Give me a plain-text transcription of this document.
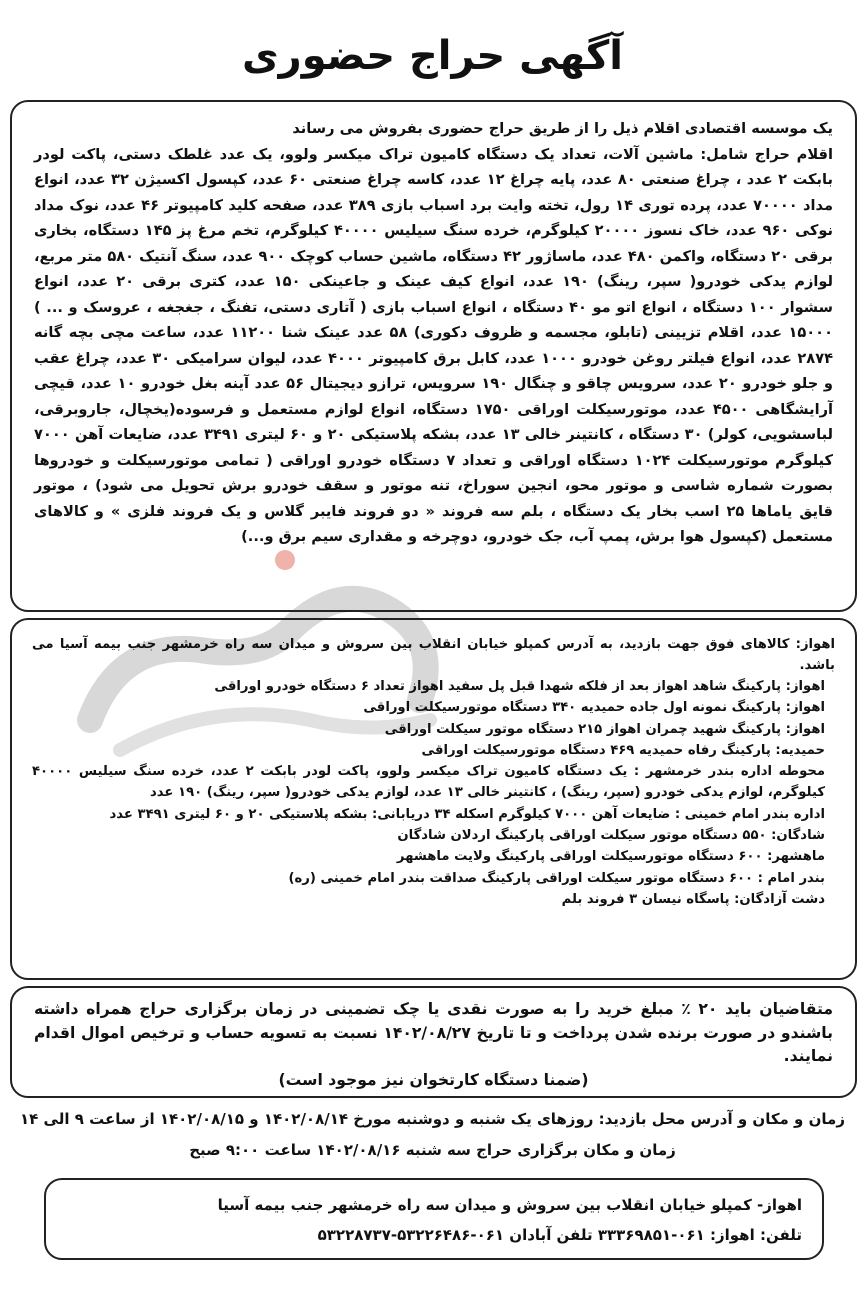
آگهی حراج حضوری

یک موسسه اقتصادی اقلام ذیل را از طریق حراج حضوری بفروش می رساند

اقلام حراج شامل: ماشین آلات، تعداد یک دستگاه کامیون تراک میکسر ولوو، یک عدد غلطک دستی، پاکت لودر بابکت ۲ عدد ، چراغ صنعتی ۸۰ عدد، پایه چراغ ۱۲ عدد، کاسه چراغ صنعتی ۶۰ عدد، کپسول اکسیژن ۳۲ عدد، انواع مداد ۷۰۰۰۰ عدد، پرده توری ۱۴ رول، تخته وایت برد اسباب بازی ۳۸۹ عدد، صفحه کلید کامپیوتر ۴۶ عدد، نوک مداد نوکی ۹۶۰ عدد، خاک نسوز ۲۰۰۰۰ کیلوگرم، خرده سنگ سیلیس ۴۰۰۰۰ کیلوگرم، تخم مرغ پز ۱۴۵ دستگاه، بخاری برقی ۲۰ دستگاه، واکمن ۴۸۰ عدد، ماساژور ۴۲ دستگاه، ماشین حساب کوچک ۹۰۰ عدد، سنگ آنتیک ۵۸۰ متر مربع، لوازم یدکی خودرو( سپر، رینگ) ۱۹۰ عدد، انواع کیف عینک و جاعینکی ۱۵۰ عدد، کتری برقی ۲۰ عدد، انواع سشوار ۱۰۰ دستگاه ، انواع اتو مو ۴۰ دستگاه ، انواع اسباب بازی ( آتاری دستی، تفنگ ، جغجغه ، عروسک و ... ) ۱۵۰۰۰ عدد، اقلام تزیینی (تابلو، مجسمه و ظروف دکوری) ۵۸ عدد عینک شنا ۱۱۲۰۰ عدد، ساعت مچی بچه گانه ۲۸۷۴ عدد، انواع فیلتر روغن خودرو ۱۰۰۰ عدد، کابل برق کامپیوتر ۴۰۰۰ عدد، لیوان سرامیکی ۳۰ عدد، چراغ عقب و جلو خودرو ۲۰ عدد، سرویس چاقو و چنگال ۱۹۰ سرویس، ترازو دیجیتال ۵۶ عدد آینه بغل خودرو ۱۰ عدد، قیچی آرایشگاهی ۴۵۰۰ عدد، موتورسیکلت اوراقی ۱۷۵۰ دستگاه، انواع لوازم مستعمل و فرسوده(یخچال، جاروبرقی، لباسشویی، کولر) ۳۰ دستگاه ، کانتینر خالی ۱۳ عدد، بشکه پلاستیکی ۲۰ و ۶۰ لیتری ۳۴۹۱ عدد، ضایعات آهن ۷۰۰۰ کیلوگرم موتورسیکلت ۱۰۲۴ دستگاه اوراقی و تعداد ۷ دستگاه خودرو اوراقی ( تمامی موتورسیکلت و خودروها بصورت شماره شاسی و موتور محو، انجین سوراخ، تنه موتور و سقف خودرو برش تحویل می شود) ، موتور قایق یاماها ۲۵ اسب بخار یک دستگاه ، بلم سه فروند « دو فروند فایبر گلاس و یک فروند فلزی » و کالاهای مستعمل (کپسول هوا برش، پمپ آب، جک خودرو، دوچرخه و مقداری سیم برق و...)

اهواز: کالاهای فوق جهت بازدید، به آدرس کمپلو خیابان انقلاب بین سروش و میدان سه راه خرمشهر جنب بیمه آسیا می باشد.

اهواز: پارکینگ شاهد اهواز بعد از فلکه شهدا قبل پل سفید اهواز تعداد ۶ دستگاه خودرو اوراقی

اهواز: پارکینگ نمونه اول جاده حمیدیه ۳۴۰ دستگاه موتورسیکلت اوراقی

اهواز: پارکینگ شهید چمران اهواز ۲۱۵ دستگاه موتور سیکلت اوراقی

حمیدیه: پارکینگ رفاه حمیدیه ۴۶۹ دستگاه موتورسیکلت اوراقی

محوطه اداره بندر خرمشهر : یک دستگاه کامیون تراک میکسر ولوو، پاکت لودر بابکت ۲ عدد، خرده سنگ سیلیس ۴۰۰۰۰ کیلوگرم، لوازم یدکی خودرو (سپر، رینگ) ، کانتینر خالی ۱۳ عدد، لوازم یدکی خودرو( سپر، رینگ) ۱۹۰ عدد

اداره بندر امام خمینی : ضایعات آهن ۷۰۰۰ کیلوگرم اسکله ۳۴ دریابانی: بشکه پلاستیکی ۲۰ و ۶۰ لیتری ۳۴۹۱ عدد

شادگان: ۵۵۰ دستگاه موتور سیکلت اوراقی پارکینگ اردلان شادگان

ماهشهر: ۶۰۰ دستگاه موتورسیکلت اوراقی پارکینگ ولایت ماهشهر

بندر امام : ۶۰۰ دستگاه موتور سیکلت اوراقی پارکینگ صداقت بندر امام خمینی (ره)

دشت آزادگان: پاسگاه نیسان ۳ فروند بلم

متقاضیان باید ۲۰ ٪ مبلغ خرید را به صورت نقدی یا چک تضمینی در زمان برگزاری حراج همراه داشته باشندو در صورت برنده شدن پرداخت و تا تاریخ ۱۴۰۲/۰۸/۲۷ نسبت به تسویه حساب و ترخیص اموال اقدام نمایند.

(ضمنا دستگاه کارتخوان نیز موجود است)

زمان و مکان و آدرس محل بازدید: روزهای یک شنبه و دوشنبه مورخ ۱۴۰۲/۰۸/۱۴ و ۱۴۰۲/۰۸/۱۵ از ساعت ۹ الی ۱۴
زمان و مکان برگزاری حراج سه شنبه ۱۴۰۲/۰۸/۱۶ ساعت ۹:۰۰ صبح

اهواز- کمپلو خیابان انقلاب بین سروش و میدان سه راه خرمشهر جنب بیمه آسیا

تلفن: اهواز: ۰۶۱-۳۳۳۶۹۸۵۱ تلفن آبادان ۰۶۱-۵۳۲۲۶۴۸۶-۵۳۲۲۸۷۳۷
